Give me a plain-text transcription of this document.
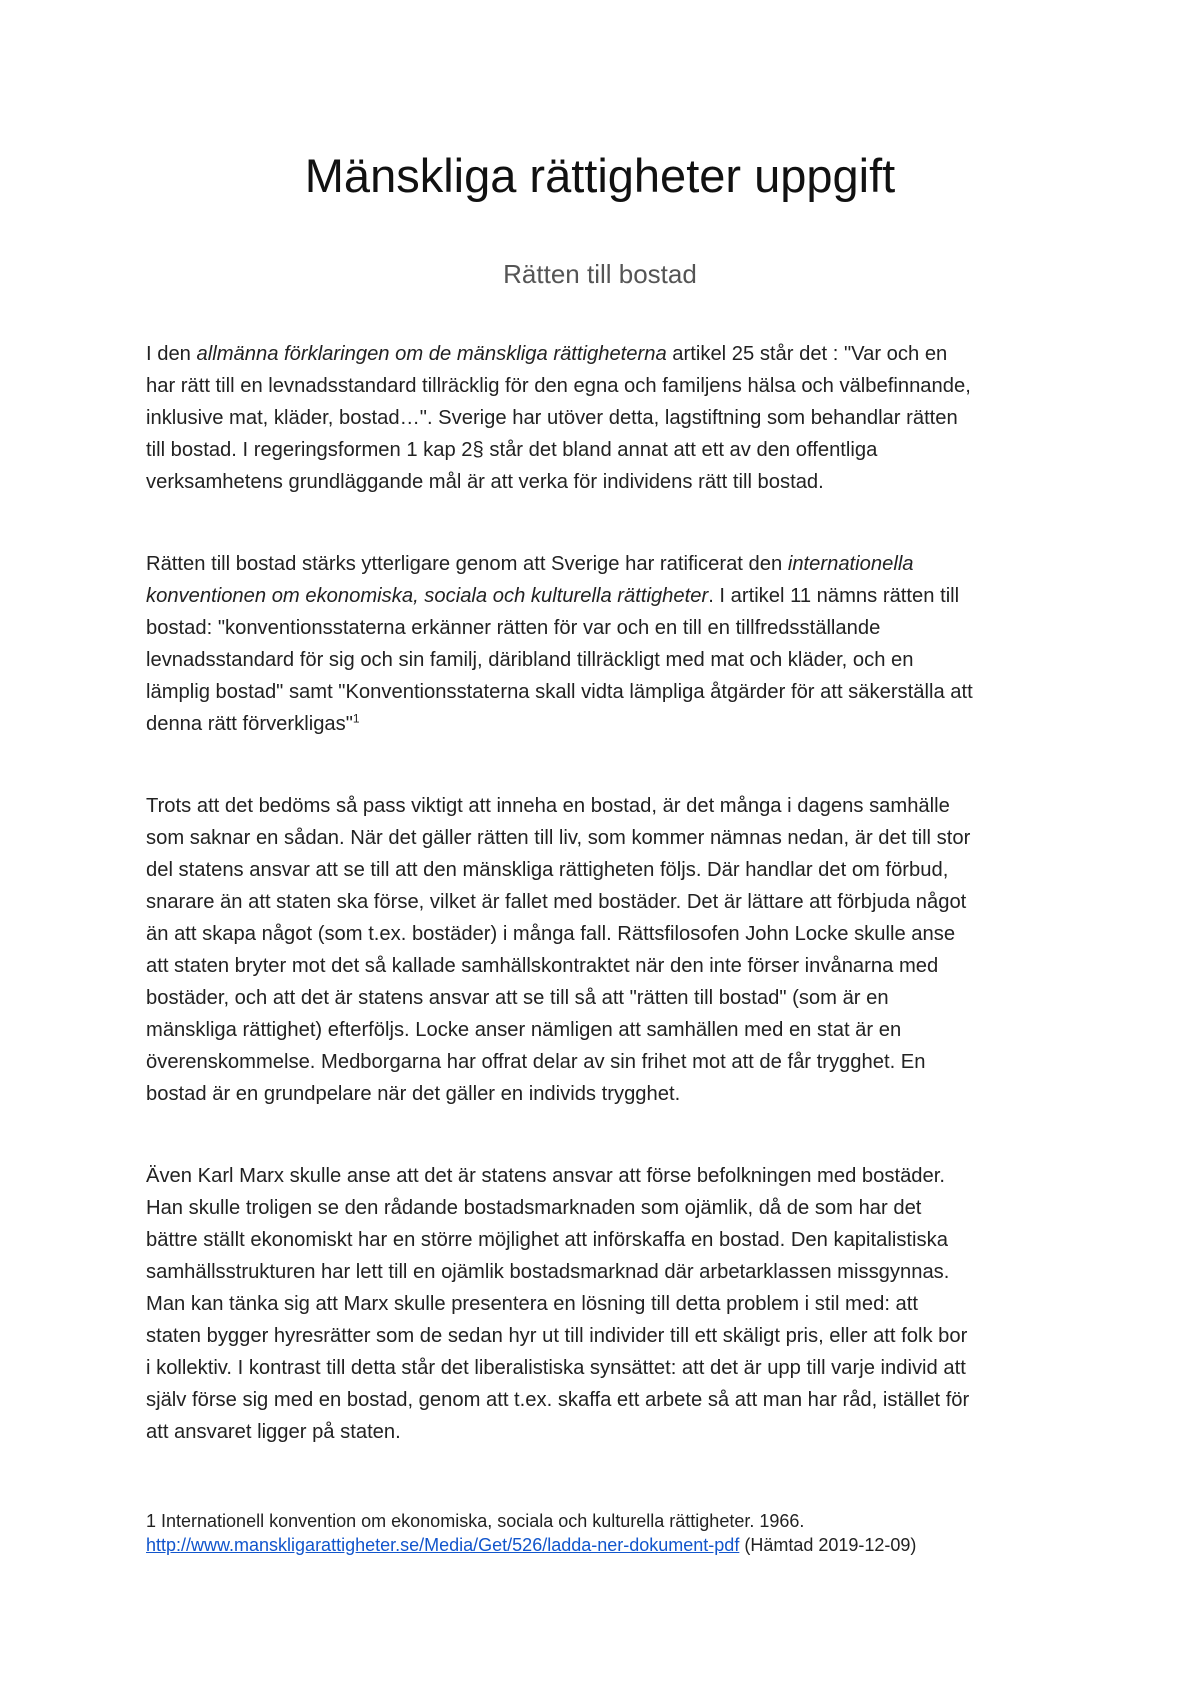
Mänskliga rättigheter uppgift
Rätten till bostad

I den allmänna förklaringen om de mänskliga rättigheterna artikel 25 står det : "Var och en
har rätt till en levnadsstandard tillräcklig för den egna och familjens hälsa och välbefinnande,
inklusive mat, kläder, bostad…". Sverige har utöver detta, lagstiftning som behandlar rätten
till bostad. I regeringsformen 1 kap 2§ står det bland annat att ett av den offentliga
verksamhetens grundläggande mål är att verka för individens rätt till bostad.

Rätten till bostad stärks ytterligare genom att Sverige har ratificerat den internationella
konventionen om ekonomiska, sociala och kulturella rättigheter. I artikel 11 nämns rätten till
bostad: "konventionsstaterna erkänner rätten för var och en till en tillfredsställande
levnadsstandard för sig och sin familj, däribland tillräckligt med mat och kläder, och en
lämplig bostad" samt "Konventionsstaterna skall vidta lämpliga åtgärder för att säkerställa att
denna rätt förverkligas"$^1$

Trots att det bedöms så pass viktigt att inneha en bostad, är det många i dagens samhälle
som saknar en sådan. När det gäller rätten till liv, som kommer nämnas nedan, är det till stor
del statens ansvar att se till att den mänskliga rättigheten följs. Där handlar det om förbud,
snarare än att staten ska förse, vilket är fallet med bostäder. Det är lättare att förbjuda något
än att skapa något (som t.ex. bostäder) i många fall. Rättsfilosofen John Locke skulle anse
att staten bryter mot det så kallade samhällskontraktet när den inte förser invånarna med
bostäder, och att det är statens ansvar att se till så att "rätten till bostad" (som är en
mänskliga rättighet) efterföljs. Locke anser nämligen att samhällen med en stat är en
överenskommelse. Medborgarna har offrat delar av sin frihet mot att de får trygghet. En
bostad är en grundpelare när det gäller en individs trygghet.

Även Karl Marx skulle anse att det är statens ansvar att förse befolkningen med bostäder.
Han skulle troligen se den rådande bostadsmarknaden som ojämlik, då de som har det
bättre ställt ekonomiskt har en större möjlighet att införskaffa en bostad. Den kapitalistiska
samhällsstrukturen har lett till en ojämlik bostadsmarknad där arbetarklassen missgynnas.
Man kan tänka sig att Marx skulle presentera en lösning till detta problem i stil med: att
staten bygger hyresrätter som de sedan hyr ut till individer till ett skäligt pris, eller att folk bor
i kollektiv. I kontrast till detta står det liberalistiska synsättet: att det är upp till varje individ att
själv förse sig med en bostad, genom att t.ex. skaffa ett arbete så att man har råd, istället för
att ansvaret ligger på staten.

1 Internationell konvention om ekonomiska, sociala och kulturella rättigheter. 1966.
http://www.manskligarattigheter.se/Media/Get/526/ladda-ner-dokument-pdf (Hämtad 2019-12-09)
